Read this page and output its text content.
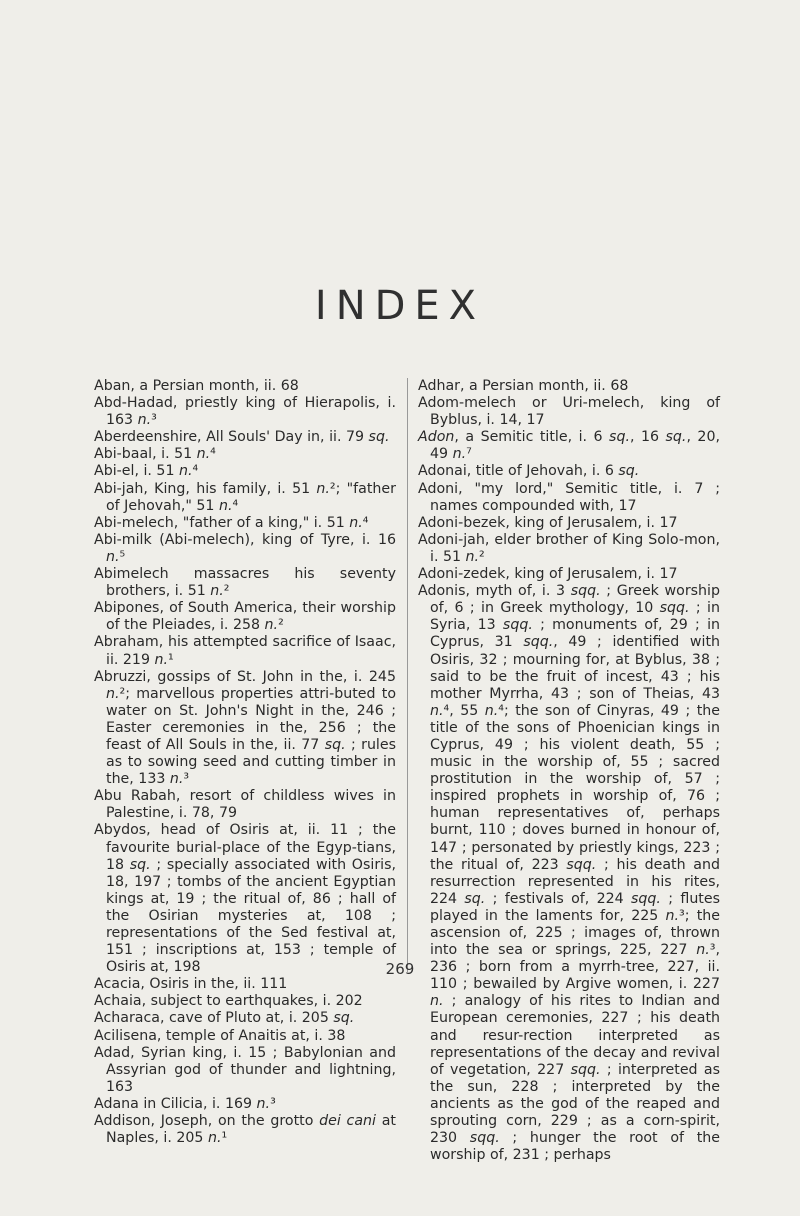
INDEX

Aban, a Persian month, ii. 68

Abd-Hadad, priestly king of Hierapolis, i. 163 n.³

Aberdeenshire, All Souls' Day in, ii. 79 sq.

Abi-baal, i. 51 n.⁴

Abi-el, i. 51 n.⁴

Abi-jah, King, his family, i. 51 n.²; "father of Jehovah," 51 n.⁴

Abi-melech, "father of a king," i. 51 n.⁴

Abi-milk (Abi-melech), king of Tyre, i. 16 n.⁵

Abimelech massacres his seventy brothers, i. 51 n.²

Abipones, of South America, their worship of the Pleiades, i. 258 n.²

Abraham, his attempted sacrifice of Isaac, ii. 219 n.¹

Abruzzi, gossips of St. John in the, i. 245 n.²; marvellous properties attri-buted to water on St. John's Night in the, 246 ; Easter ceremonies in the, 256 ; the feast of All Souls in the, ii. 77 sq. ; rules as to sowing seed and cutting timber in the, 133 n.³

Abu Rabah, resort of childless wives in Palestine, i. 78, 79

Abydos, head of Osiris at, ii. 11 ; the favourite burial-place of the Egyp-tians, 18 sq. ; specially associated with Osiris, 18, 197 ; tombs of the ancient Egyptian kings at, 19 ; the ritual of, 86 ; hall of the Osirian mysteries at, 108 ; representations of the Sed festival at, 151 ; inscriptions at, 153 ; temple of Osiris at, 198

Acacia, Osiris in the, ii. 111

Achaia, subject to earthquakes, i. 202

Acharaca, cave of Pluto at, i. 205 sq.

Acilisena, temple of Anaitis at, i. 38

Adad, Syrian king, i. 15 ; Babylonian and Assyrian god of thunder and lightning, 163

Adana in Cilicia, i. 169 n.³

Addison, Joseph, on the grotto dei cani at Naples, i. 205 n.¹

Adhar, a Persian month, ii. 68

Adom-melech or Uri-melech, king of Byblus, i. 14, 17

Adon, a Semitic title, i. 6 sq., 16 sq., 20, 49 n.⁷

Adonai, title of Jehovah, i. 6 sq.

Adoni, "my lord," Semitic title, i. 7 ; names compounded with, 17

Adoni-bezek, king of Jerusalem, i. 17

Adoni-jah, elder brother of King Solo-mon, i. 51 n.²

Adoni-zedek, king of Jerusalem, i. 17

Adonis, myth of, i. 3 sqq. ; Greek worship of, 6 ; in Greek mythology, 10 sqq. ; in Syria, 13 sqq. ; monuments of, 29 ; in Cyprus, 31 sqq., 49 ; identified with Osiris, 32 ; mourning for, at Byblus, 38 ; said to be the fruit of incest, 43 ; his mother Myrrha, 43 ; son of Theias, 43 n.⁴, 55 n.⁴; the son of Cinyras, 49 ; the title of the sons of Phoenician kings in Cyprus, 49 ; his violent death, 55 ; music in the worship of, 55 ; sacred prostitution in the worship of, 57 ; inspired prophets in worship of, 76 ; human representatives of, perhaps burnt, 110 ; doves burned in honour of, 147 ; personated by priestly kings, 223 ; the ritual of, 223 sqq. ; his death and resurrection represented in his rites, 224 sq. ; festivals of, 224 sqq. ; flutes played in the laments for, 225 n.³; the ascension of, 225 ; images of, thrown into the sea or springs, 225, 227 n.³, 236 ; born from a myrrh-tree, 227, ii. 110 ; bewailed by Argive women, i. 227 n. ; analogy of his rites to Indian and European ceremonies, 227 ; his death and resur-rection interpreted as representations of the decay and revival of vegetation, 227 sqq. ; interpreted as the sun, 228 ; interpreted by the ancients as the god of the reaped and sprouting corn, 229 ; as a corn-spirit, 230 sqq. ; hunger the root of the worship of, 231 ; perhaps

269
